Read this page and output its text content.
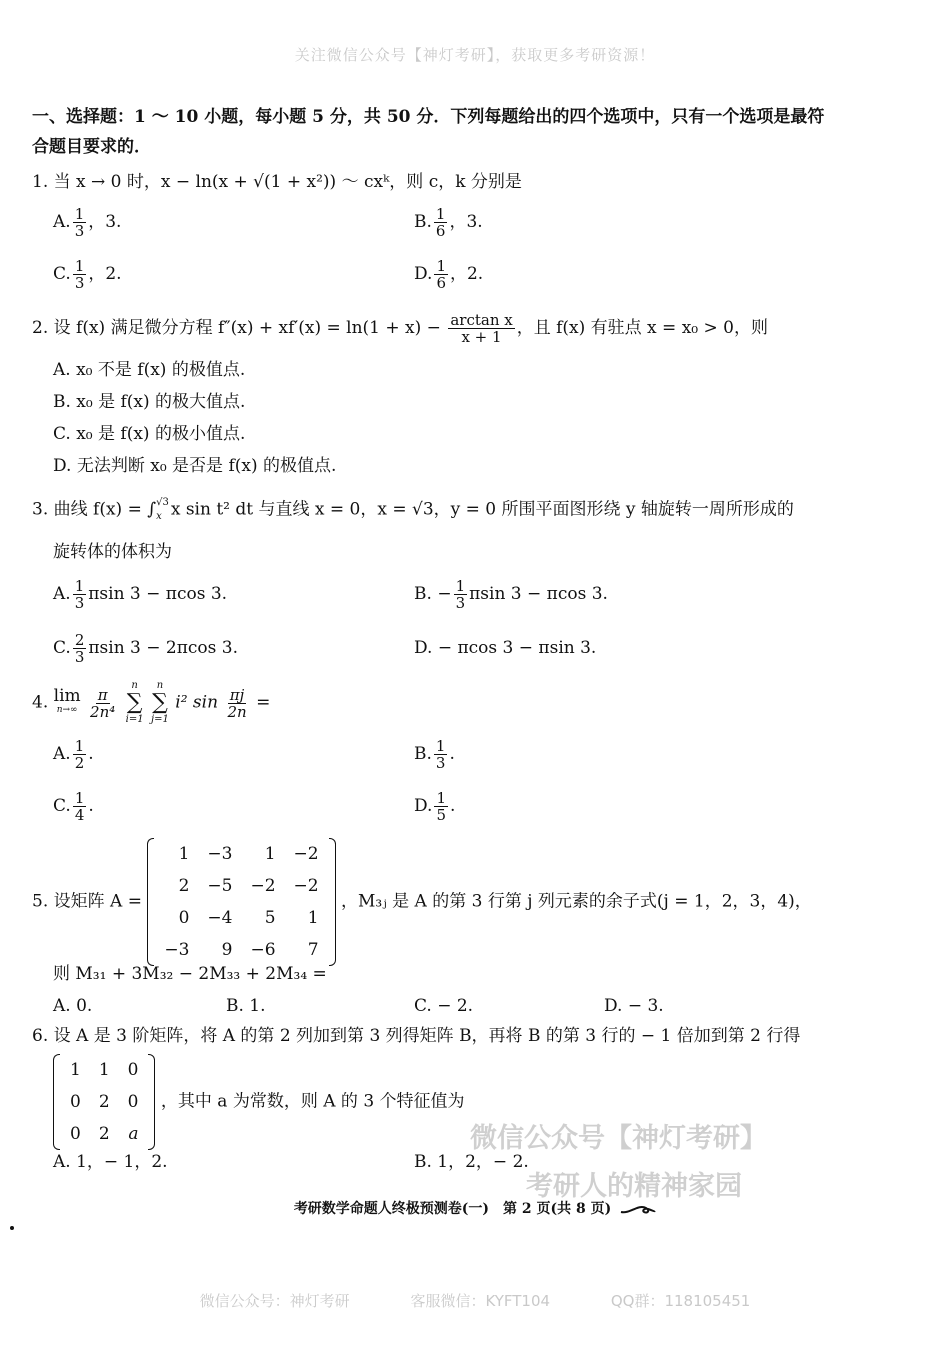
关注微信公众号【神灯考研】，获取更多考研资源！
一、选择题：1 ～ 10 小题，每小题 5 分，共 50 分．下列每题给出的四个选项中，只有一个选项是最符合题目要求的．
1. 当 x → 0 时，x − ln(x + √(1 + x²)) ～ cxᵏ，则 c，k 分别是
A. $\frac{1}{3}$ ，3.	B. $\frac{1}{6}$ ，3.
C. $\frac{1}{3}$ ，2.	D. $\frac{1}{6}$ ，2.
2. 设 f(x) 满足微分方程 $f''(x) + xf'(x) = \ln(1 + x) - \frac{\text{arctan x}}{x + 1}$ ，且 f(x) 有驻点 x = x₀ > 0，则
A. x₀ 不是 f(x) 的极值点.
B. x₀ 是 f(x) 的极大值点.
C. x₀ 是 f(x) 的极小值点.
D. 无法判断 x₀ 是否是 f(x) 的极值点.
3. 曲线 f(x) = ∫ √3
x x sin t² dt 与直线 x = 0，x = √3，y = 0 所围平面图形绕 y 轴旋转一周所形成的
旋转体的体积为
A. $\frac{1}{3}$ πsin 3 − πcos 3.	B. − $\frac{1}{3}$ πsin 3 − πcos 3.
C. $\frac{2}{3}$ πsin 3 − 2πcos 3.	D. − πcos 3 − πsin 3.
4. lim
n→∞
$\frac{\pi}{\text{2n⁴}}$

n
∑
i=1

n
∑
j=1
i² $\sin \frac{\pi j}{2n}$ =
A. $\frac{1}{2}$ .	B. $\frac{1}{3}$ .
C. $\frac{1}{4}$ .	D. $\frac{1}{5}$ .
5. 设矩阵 A =
1	−3	1	−2
2	−5	−2	−2
0	−4	5	1
−3	9	−6	7
，M₃ⱼ 是 A 的第 3 行第 j 列元素的余子式(j = 1，2，3，4)，
则 M₃₁ + 3M₃₂ − 2M₃₃ + 2M₃₄ =
A. 0.	B. 1.	C. − 2.	D. − 3.
6. 设 A 是 3 阶矩阵，将 A 的第 2 列加到第 3 列得矩阵 B，再将 B 的第 3 行的 − 1 倍加到第 2 行得
1	1	0
0	2	0
0	2	a
，其中 a 为常数，则 A 的 3 个特征值为
A. 1，− 1，2.	B. 1，2，− 2.
微信公众号【神灯考研】
考研人的精神家园
考研数学命题人终极预测卷(一)　第 2 页(共 8 页)
微信公众号：神灯考研	客服微信：KYFT104	QQ群：118105451
